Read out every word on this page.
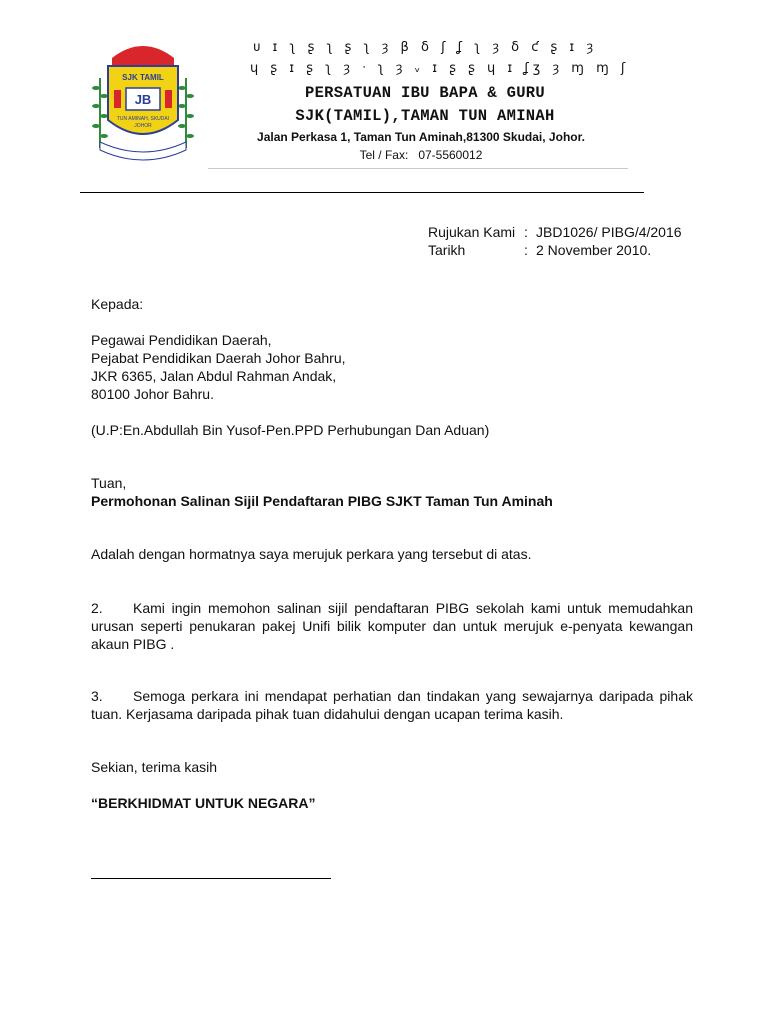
SJK TAMIL
JB
TUN AMINAH, SKUDAI
JOHOR
ᴜ ɪ ʅ ʂ ʅ ʂ ʅ ȝ β ẟ ʃ ʆ ʅ ȝ ẟ ƈ ʂ ɪ ȝ
ɥ ʂ ɪ ʂ ʅ ȝ ᐧ ʅ ȝ ᵥ ɪ ʂ ʂ ɥ ɪ ʆʒ ȝ ɱ ɱ ʃ
PERSATUAN IBU BAPA & GURU
SJK(TAMIL),TAMAN TUN AMINAH
Jalan Perkasa 1, Taman Tun Aminah,81300 Skudai, Johor.
Tel / Fax: 07-5560012
Rujukan Kami : JBD1026/ PIBG/4/2016
Tarikh	: 2 November 2010.
Kepada:
Pegawai Pendidikan Daerah,
Pejabat Pendidikan Daerah Johor Bahru,
JKR 6365, Jalan Abdul Rahman Andak,
80100 Johor Bahru.
(U.P:En.Abdullah Bin Yusof-Pen.PPD Perhubungan Dan Aduan)
Tuan,
Permohonan Salinan Sijil Pendaftaran PIBG SJKT Taman Tun Aminah
Adalah dengan hormatnya saya merujuk perkara yang tersebut di atas.
2. Kami ingin memohon salinan sijil pendaftaran PIBG sekolah kami untuk memudahkan urusan seperti penukaran pakej Unifi bilik komputer dan untuk merujuk e-penyata kewangan akaun PIBG .
3. Semoga perkara ini mendapat perhatian dan tindakan yang sewajarnya daripada pihak tuan. Kerjasama daripada pihak tuan didahului dengan ucapan terima kasih.
Sekian, terima kasih
“BERKHIDMAT UNTUK NEGARA”
